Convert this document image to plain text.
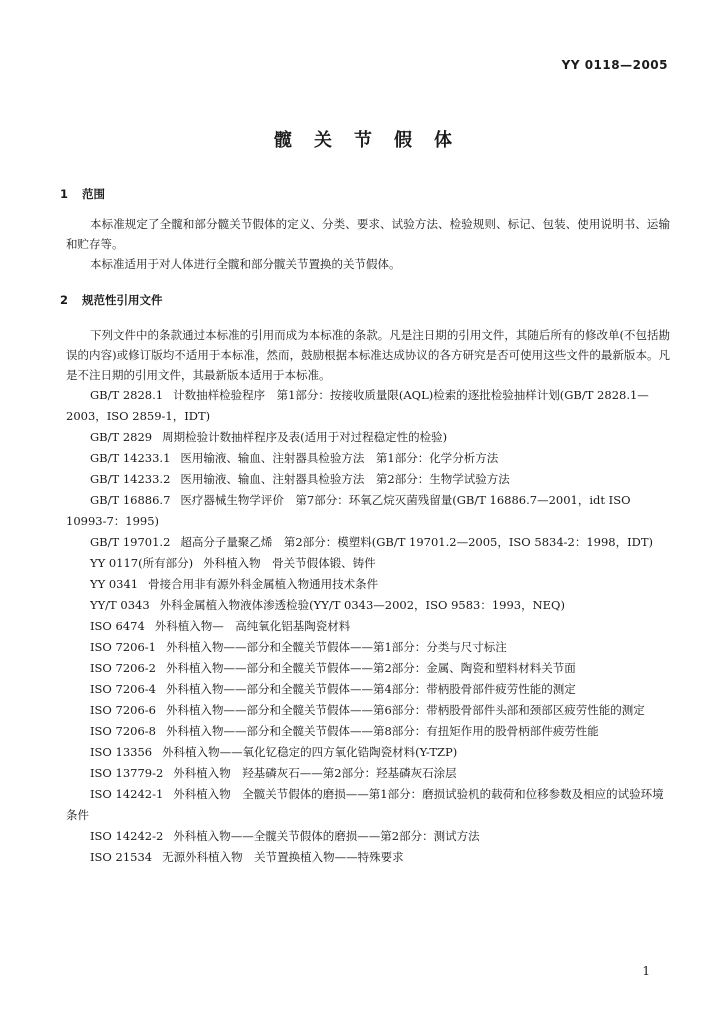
YY 0118—2005
髋关节假体
1 范围

本标准规定了全髋和部分髋关节假体的定义、分类、要求、试验方法、检验规则、标记、包装、使用说明书、运输和贮存等。

本标准适用于对人体进行全髋和部分髋关节置换的关节假体。

2 规范性引用文件

下列文件中的条款通过本标准的引用而成为本标准的条款。凡是注日期的引用文件，其随后所有的修改单(不包括勘误的内容)或修订版均不适用于本标准，然而，鼓励根据本标准达成协议的各方研究是否可使用这些文件的最新版本。凡是不注日期的引用文件，其最新版本适用于本标准。

GB/T 2828.1 计数抽样检验程序　第1部分：按接收质量限(AQL)检索的逐批检验抽样计划(GB/T 2828.1—2003，ISO 2859-1，IDT)

GB/T 2829 周期检验计数抽样程序及表(适用于对过程稳定性的检验)

GB/T 14233.1 医用输液、输血、注射器具检验方法　第1部分：化学分析方法

GB/T 14233.2 医用输液、输血、注射器具检验方法　第2部分：生物学试验方法

GB/T 16886.7 医疗器械生物学评价　第7部分：环氧乙烷灭菌残留量(GB/T 16886.7—2001，idt ISO 10993-7：1995)

GB/T 19701.2 超高分子量聚乙烯　第2部分：模塑料(GB/T 19701.2—2005，ISO 5834-2：1998，IDT)

YY 0117(所有部分) 外科植入物　骨关节假体锻、铸件

YY 0341 骨接合用非有源外科金属植入物通用技术条件

YY/T 0343 外科金属植入物液体渗透检验(YY/T 0343—2002，ISO 9583：1993，NEQ)

ISO 6474 外科植入物—　高纯氧化铝基陶瓷材料

ISO 7206-1 外科植入物——部分和全髋关节假体——第1部分：分类与尺寸标注

ISO 7206-2 外科植入物——部分和全髋关节假体——第2部分：金属、陶瓷和塑料材料关节面

ISO 7206-4 外科植入物——部分和全髋关节假体——第4部分：带柄股骨部件疲劳性能的测定

ISO 7206-6 外科植入物——部分和全髋关节假体——第6部分：带柄股骨部件头部和颈部区疲劳性能的测定

ISO 7206-8 外科植入物——部分和全髋关节假体——第8部分：有扭矩作用的股骨柄部件疲劳性能

ISO 13356 外科植入物——氧化钇稳定的四方氧化锆陶瓷材料(Y-TZP)

ISO 13779-2 外科植入物　羟基磷灰石——第2部分：羟基磷灰石涂层

ISO 14242-1 外科植入物　全髋关节假体的磨损——第1部分：磨损试验机的载荷和位移参数及相应的试验环境条件

ISO 14242-2 外科植入物——全髋关节假体的磨损——第2部分：测试方法

ISO 21534 无源外科植入物　关节置换植入物——特殊要求

1
